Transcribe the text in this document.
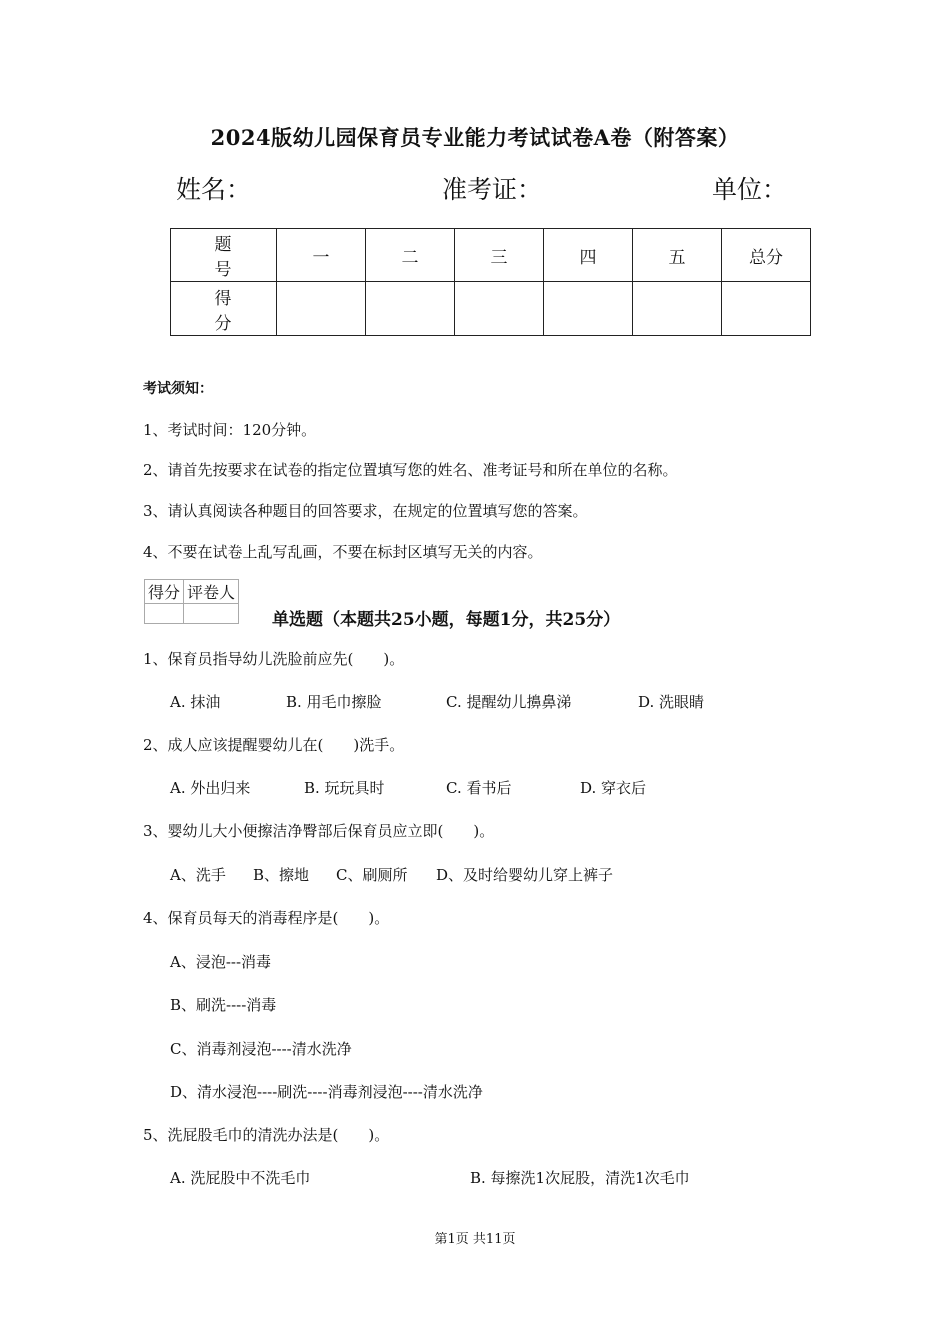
2024版幼儿园保育员专业能力考试试卷A卷（附答案）
姓名：	准考证：	单位：
题 号	一	二	三	四	五	总分
得 分						
考试须知：
1、考试时间：120分钟。
2、请首先按要求在试卷的指定位置填写您的姓名、准考证号和所在单位的名称。
3、请认真阅读各种题目的回答要求，在规定的位置填写您的答案。
4、不要在试卷上乱写乱画，不要在标封区填写无关的内容。
得分	评卷人

单选题（本题共25小题，每题1分，共25分）
1、保育员指导幼儿洗脸前应先(　　)。
A. 抹油	B. 用毛巾擦脸	C. 提醒幼儿擤鼻涕	D. 洗眼睛
2、成人应该提醒婴幼儿在(　　)洗手。
A. 外出归来	B. 玩玩具时	C. 看书后	D. 穿衣后
3、婴幼儿大小便擦洁净臀部后保育员应立即(　　)。
A、洗手 B、擦地 C、刷厕所 D、及时给婴幼儿穿上裤子
4、保育员每天的消毒程序是(　　)。
A、浸泡---消毒
B、刷洗----消毒
C、消毒剂浸泡----清水洗净
D、清水浸泡----刷洗----消毒剂浸泡----清水洗净
5、洗屁股毛巾的清洗办法是(　　)。
A. 洗屁股中不洗毛巾	B. 每擦洗1次屁股，清洗1次毛巾
第1页 共11页
